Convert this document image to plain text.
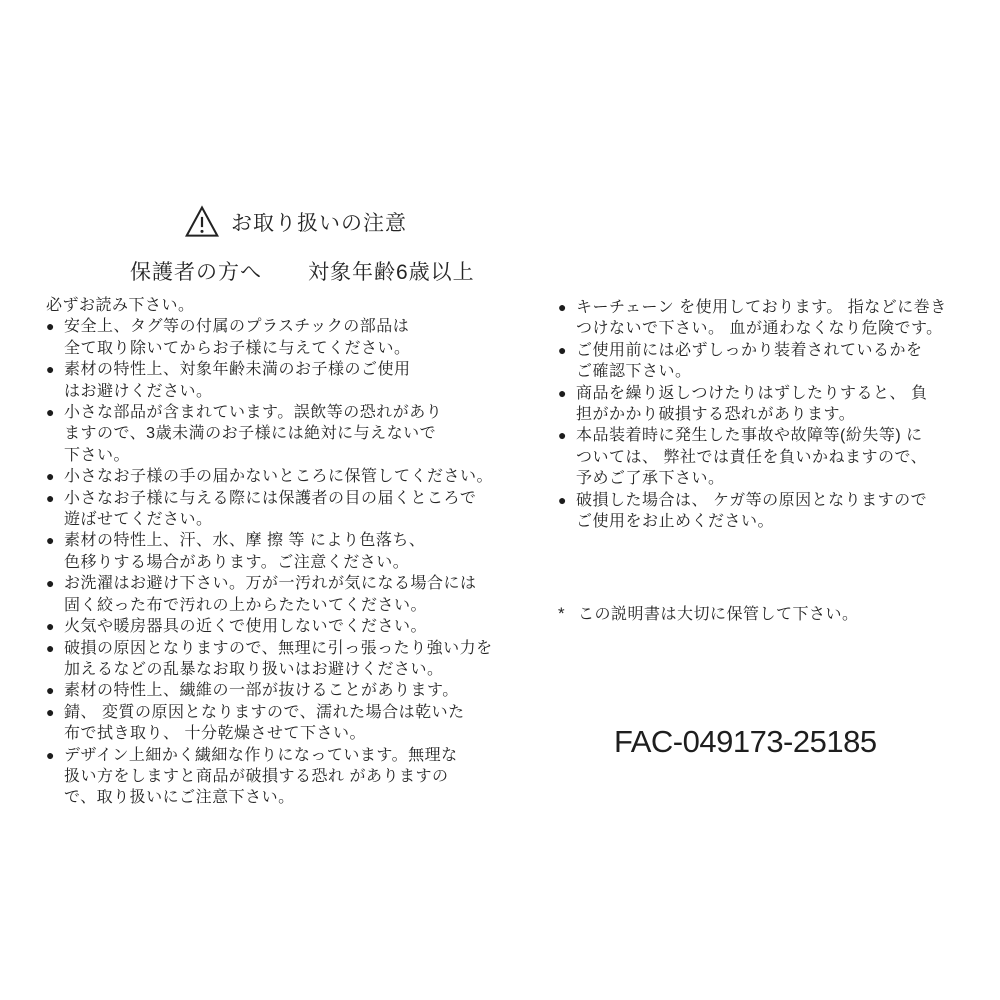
お取り扱いの注意
保護者の方へ 対象年齢6歳以上
必ずお読み下さい。
● 安全上、タグ等の付属のプラスチックの部品は
全て取り除いてからお子様に与えてください。
● 素材の特性上、対象年齢未満のお子様のご使用
はお避けください。
● 小さな部品が含まれています。誤飲等の恐れがあり
ますので、3歳未満のお子様には絶対に与えないで
下さい。
● 小さなお子様の手の届かないところに保管してください。
● 小さなお子様に与える際には保護者の目の届くところで
遊ばせてください。
● 素材の特性上、汗、水、摩 擦 等 により色落ち、
色移りする場合があります。ご注意ください。
● お洗濯はお避け下さい。万が一汚れが気になる場合には
固く絞った布で汚れの上からたたいてください。
● 火気や暖房器具の近くで使用しないでください。
● 破損の原因となりますので、無理に引っ張ったり強い力を
加えるなどの乱暴なお取り扱いはお避けください。
● 素材の特性上、繊維の一部が抜けることがあります。
● 錆、 変質の原因となりますので、濡れた場合は乾いた
布で拭き取り、 十分乾燥させて下さい。
● デザイン上細かく繊細な作りになっています。無理な
扱い方をしますと商品が破損する恐れ がありますの
で、取り扱いにご注意下さい。
● キーチェーン を使用しております。 指などに巻き
つけないで下さい。 血が通わなくなり危険です。
● ご使用前には必ずしっかり装着されているかを
ご確認下さい。
● 商品を繰り返しつけたりはずしたりすると、 負
担がかかり破損する恐れがあります。
● 本品装着時に発生した事故や故障等(紛失等) に
ついては、 弊社では責任を負いかねますので、
予めご了承下さい。
● 破損した場合は、 ケガ等の原因となりますので
ご使用をお止めください。
* この説明書は大切に保管して下さい。
FAC-049173-25185
